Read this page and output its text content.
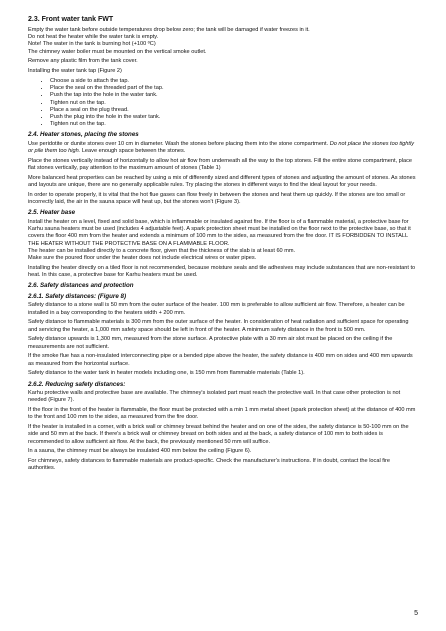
2.3. Front water tank FWT

Empty the water tank before outside temperatures drop below zero; the tank will be damaged if water freezes in it.
Do not heat the heater while the water tank is empty.
Note! The water in the tank is burning hot (+100 ºC)
The chimney water boiler must be mounted on the vertical smoke outlet.

Remove any plastic film from the tank cover.

Installing the water tank tap (Figure 2)

• Choose a side to attach the tap.
• Place the seal on the threaded part of the tap.
• Push the tap into the hole in the water tank.
• Tighten nut on the tap.
• Place a seal on the plug thread.
• Push the plug into the hole in the water tank.
• Tighten nut on the tap.
2.4. Heater stones, placing the stones

Use peridotite or dunite stones over 10 cm in diameter. Wash the stones before placing them into the stone compartment. Do not place the stones too tightly or pile them too high. Leave enough space between the stones.

Place the stones vertically instead of horizontally to allow hot air flow from underneath all the way to the top stones. Fill the entire stone compartment, place flat stones vertically, pay attention to the maximum amount of stones (Table 1)

More balanced heat properties can be reached by using a mix of differently sized and different types of stones and adjusting the amount of stones. As stones and layouts are unique, there are no generally applicable rules. Try placing the stones in different ways to find the ideal layout for your needs.

In order to operate properly, it is vital that the hot flue gases can flow freely in between the stones and heat them up quickly. If the stones are too small or incorrectly laid, the air in the sauna space will heat up, but the stones won't (Figure 3).

2.5. Heater base

Install the heater on a level, fixed and solid base, which is inflammable or insulated against fire. If the floor is of a flammable material, a protective base for Karhu sauna heaters must be used (includes 4 adjustable feet). A spark protection sheet must be installed on the floor next to the protective base, so that it covers the floor 400 mm from the heater and extends a minimum of 100 mm to the sides, as measured from the fire door. IT IS FORBIDDEN TO INSTALL THE HEATER WITHOUT THE PROTECTIVE BASE ON A FLAMMABLE FLOOR.
The heater can be installed directly to a concrete floor, given that the thickness of the slab is at least 60 mm.
Make sure the poured floor under the heater does not include electrical wires or water pipes.

Installing the heater directly on a tiled floor is not recommended, because moisture seals and tile adhesives may include substances that are non-resistant to heat. In this case, a protective base for Karhu heaters must be used.

2.6. Safety distances and protection
2.6.1. Safety distances: (Figure 8)

Safety distance to a stone wall is 50 mm from the outer surface of the heater. 100 mm is preferable to allow sufficient air flow. Therefore, a heater can be installed in a bay corresponding to the heaters width + 200 mm.

Safety distance to flammable materials is 300 mm from the outer surface of the heater. In consideration of heat radiation and sufficient space for operating and servicing the heater, a 1,000 mm safety space should be left in front of the heater. A minimum safety distance in the front is 500 mm.

Safety distance upwards is 1,300 mm, measured from the stone surface. A protective plate with a 30 mm air slot must be placed on the ceiling if the measurements are not sufficient.

If the smoke flue has a non-insulated interconnecting pipe or a bended pipe above the heater, the safety distance is 400 mm on sides and 400 mm upwards as measured from the horizontal surface.

Safety distance to the water tank in heater models including one, is 150 mm from flammable materials (Table 1).

2.6.2. Reducing safety distances:

Karhu protective walls and protective base are available. The chimney's isolated part must reach the protective wall. In that case other protection is not needed (Figure 7).

If the floor in the front of the heater is flammable, the floor must be protected with a min 1 mm metal sheet (spark protection sheet) at the distance of 400 mm to the front and 100 mm to the sides, as measured from the fire door.

If the heater is installed in a corner, with a brick wall or chimney breast behind the heater and on one of the sides, the safety distance is 50-100 mm on the side and 50 mm at the back. If there's a brick wall or chimney breast on both sides and at the back, a safety distance of 100 mm to both sides is recommended to allow sufficient air flow. At the back, the previously mentioned 50 mm will suffice.

In a sauna, the chimney must be always be insulated 400 mm below the ceiling (Figure 6).

For chimneys, safety distances to flammable materials are product-specific. Check the manufacturer's instructions. If in doubt, contact the local fire authorities.

5
